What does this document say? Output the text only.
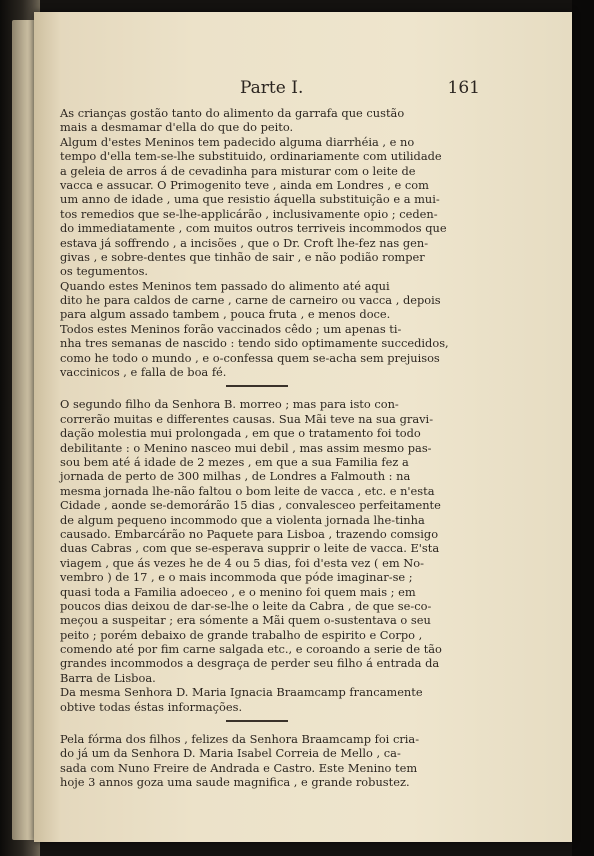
Parte I.	161
As crianças gostão tanto do alimento da garrafa que custão
mais a desmamar d'ella do que do peito.
Algum d'estes Meninos tem padecido alguma diarrhéia , e no
tempo d'ella tem-se-lhe substituido, ordinariamente com utilidade
a geleia de arros á de cevadinha para misturar com o leite de
vacca e assucar. O Primogenito teve , ainda em Londres , e com
um anno de idade , uma que resistio áquella substituição e a mui-
tos remedios que se-lhe-applicárão , inclusivamente opio ; ceden-
do immediatamente , com muitos outros terriveis incommodos que
estava já soffrendo , a incisões , que o Dr. Croft lhe-fez nas gen-
givas , e sobre-dentes que tinhão de sair , e não podião romper
os tegumentos.
Quando estes Meninos tem passado do alimento até aqui
dito he para caldos de carne , carne de carneiro ou vacca , depois
para algum assado tambem , pouca fruta , e menos doce.
Todos estes Meninos forão vaccinados cêdo ; um apenas ti-
nha tres semanas de nascido : tendo sido optimamente succedidos,
como he todo o mundo , e o-confessa quem se-acha sem prejuisos
vaccinicos , e falla de boa fé.
O segundo filho da Senhora B. morreo ; mas para isto con-
correrão muitas e differentes causas. Sua Mãi teve na sua gravi-
dação molestia mui prolongada , em que o tratamento foi todo
debilitante : o Menino nasceo mui debil , mas assim mesmo pas-
sou bem até á idade de 2 mezes , em que a sua Familia fez a
jornada de perto de 300 milhas , de Londres a Falmouth : na
mesma jornada lhe-não faltou o bom leite de vacca , etc. e n'esta
Cidade , aonde se-demorárão 15 dias , convalesceo perfeitamente
de algum pequeno incommodo que a violenta jornada lhe-tinha
causado. Embarcárão no Paquete para Lisboa , trazendo comsigo
duas Cabras , com que se-esperava supprir o leite de vacca. E'sta
viagem , que ás vezes he de 4 ou 5 dias, foi d'esta vez ( em No-
vembro ) de 17 , e o mais incommoda que póde imaginar-se ;
quasi toda a Familia adoeceo , e o menino foi quem mais ; em
poucos dias deixou de dar-se-lhe o leite da Cabra , de que se-co-
meçou a suspeitar ; era sómente a Mãi quem o-sustentava o seu
peito ; porém debaixo de grande trabalho de espirito e Corpo ,
comendo até por fim carne salgada etc., e coroando a serie de tão
grandes incommodos a desgraça de perder seu filho á entrada da
Barra de Lisboa.
Da mesma Senhora D. Maria Ignacia Braamcamp francamente
obtive todas éstas informações.
Pela fórma dos filhos , felizes da Senhora Braamcamp foi cria-
do já um da Senhora D. Maria Isabel Correia de Mello , ca-
sada com Nuno Freire de Andrada e Castro. Este Menino tem
hoje 3 annos goza uma saude magnifica , e grande robustez.
